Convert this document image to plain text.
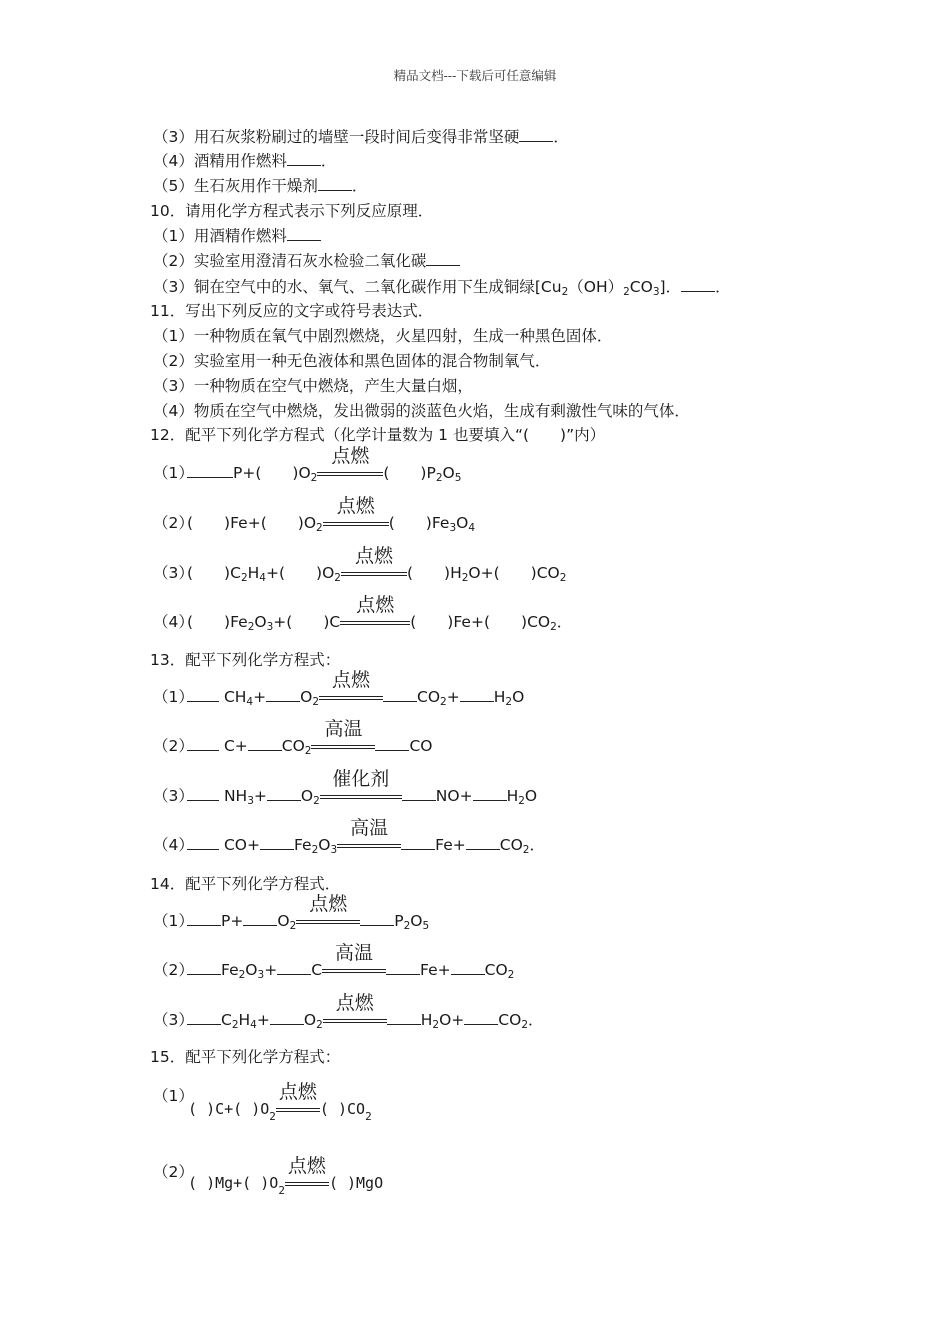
精品文档---下载后可任意编辑
（3）用石灰浆粉刷过的墙壁一段时间后变得非常坚硬 ．
（4）酒精用作燃料 ．
（5）生石灰用作干燥剂 ．
10．请用化学方程式表示下列反应原理．
（1）用酒精作燃料
（2）实验室用澄清石灰水检验二氧化碳
（3）铜在空气中的水、氧气、二氧化碳作用下生成铜绿$[Cu_2(OH)_2CO_3]$． ．
11．写出下列反应的文字或符号表达式．
（1）一种物质在氧气中剧烈燃烧，火星四射，生成一种黑色固体．
（2）实验室用一种无色液体和黑色固体的混合物制氧气．
（3）一种物质在空气中燃烧，产生大量白烟，
（4）物质在空气中燃烧，发出微弱的淡蓝色火焰，生成有剩激性气味的气体．
12．配平下列化学方程式（化学计量数为 1 也要填入“(　　)”内）
（1）	P+(　　)$O_2$
点燃
(　　)$P_2O_5$
（2）(　　)Fe+(　　)$O_2$
点燃
(　　)$Fe_3O_4$
（3）(　　)$C_2H_4+$(　　)$O_2$
点燃
(　　)$H_2O+$(　　)$CO_2$
（4）(　　)$Fe_2O_3+$(　　)C
点燃
(　　)Fe+(　　)$CO_2$．
13．配平下列化学方程式：
（1） $CH_4+ O_2$
点燃
$CO_2+ H_2O$
（2） $C+ CO_2$
高温
CO
（3） $NH_3+ O_2$
催化剂
$NO+ H_2O$
（4） $CO+ Fe_2O_3$
高温
$Fe+ CO_2$．
14．配平下列化学方程式．
（1） $P+ O_2$
点燃
$P_2O_5$
（2） $Fe_2O_3+ C$
高温
$Fe+ CO_2$
（3） $C_2H_4+ O_2$
点燃
$H_2O+ CO_2$．
15．配平下列化学方程式：
（1）
( )C+( )$O_2$
点燃
( )$CO_2$
（2）
( )Mg+( )$O_2$
点燃
( )MgO
